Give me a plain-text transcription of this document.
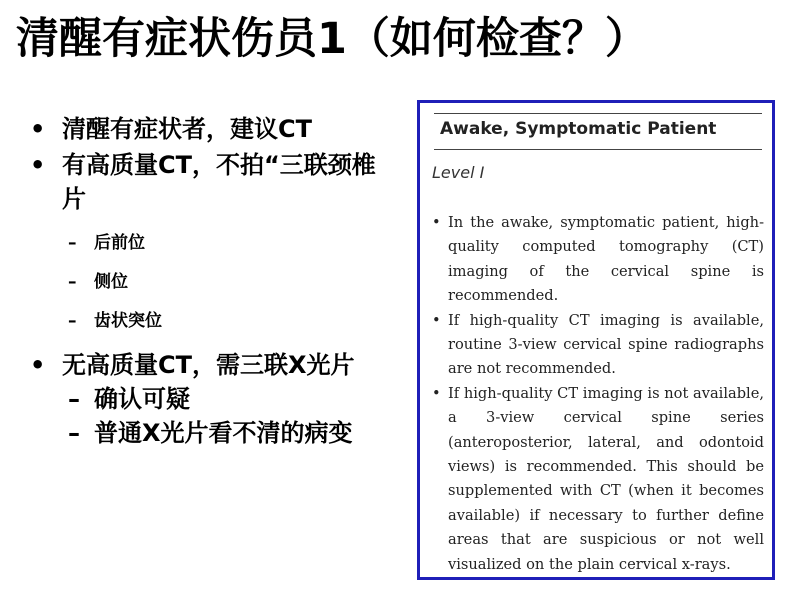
清醒有症状伤员1（如何检查？）
• 清醒有症状者，建议CT
• 有高质量CT，不拍“三联颈椎片
– 后前位
– 侧位
– 齿状突位
• 无高质量CT，需三联X光片
– 确认可疑
– 普通X光片看不清的病变
Awake, Symptomatic Patient
Level I
• In the awake, symptomatic patient, high-quality computed tomography (CT) imaging of the cervical spine is recommended.
• If high-quality CT imaging is available, routine 3-view cervical spine radiographs are not recommended.
• If high-quality CT imaging is not available, a 3-view cervical spine series (anteroposterior, lateral, and odontoid views) is recommended. This should be supplemented with CT (when it becomes available) if necessary to further define areas that are suspicious or not well visualized on the plain cervical x-rays.
